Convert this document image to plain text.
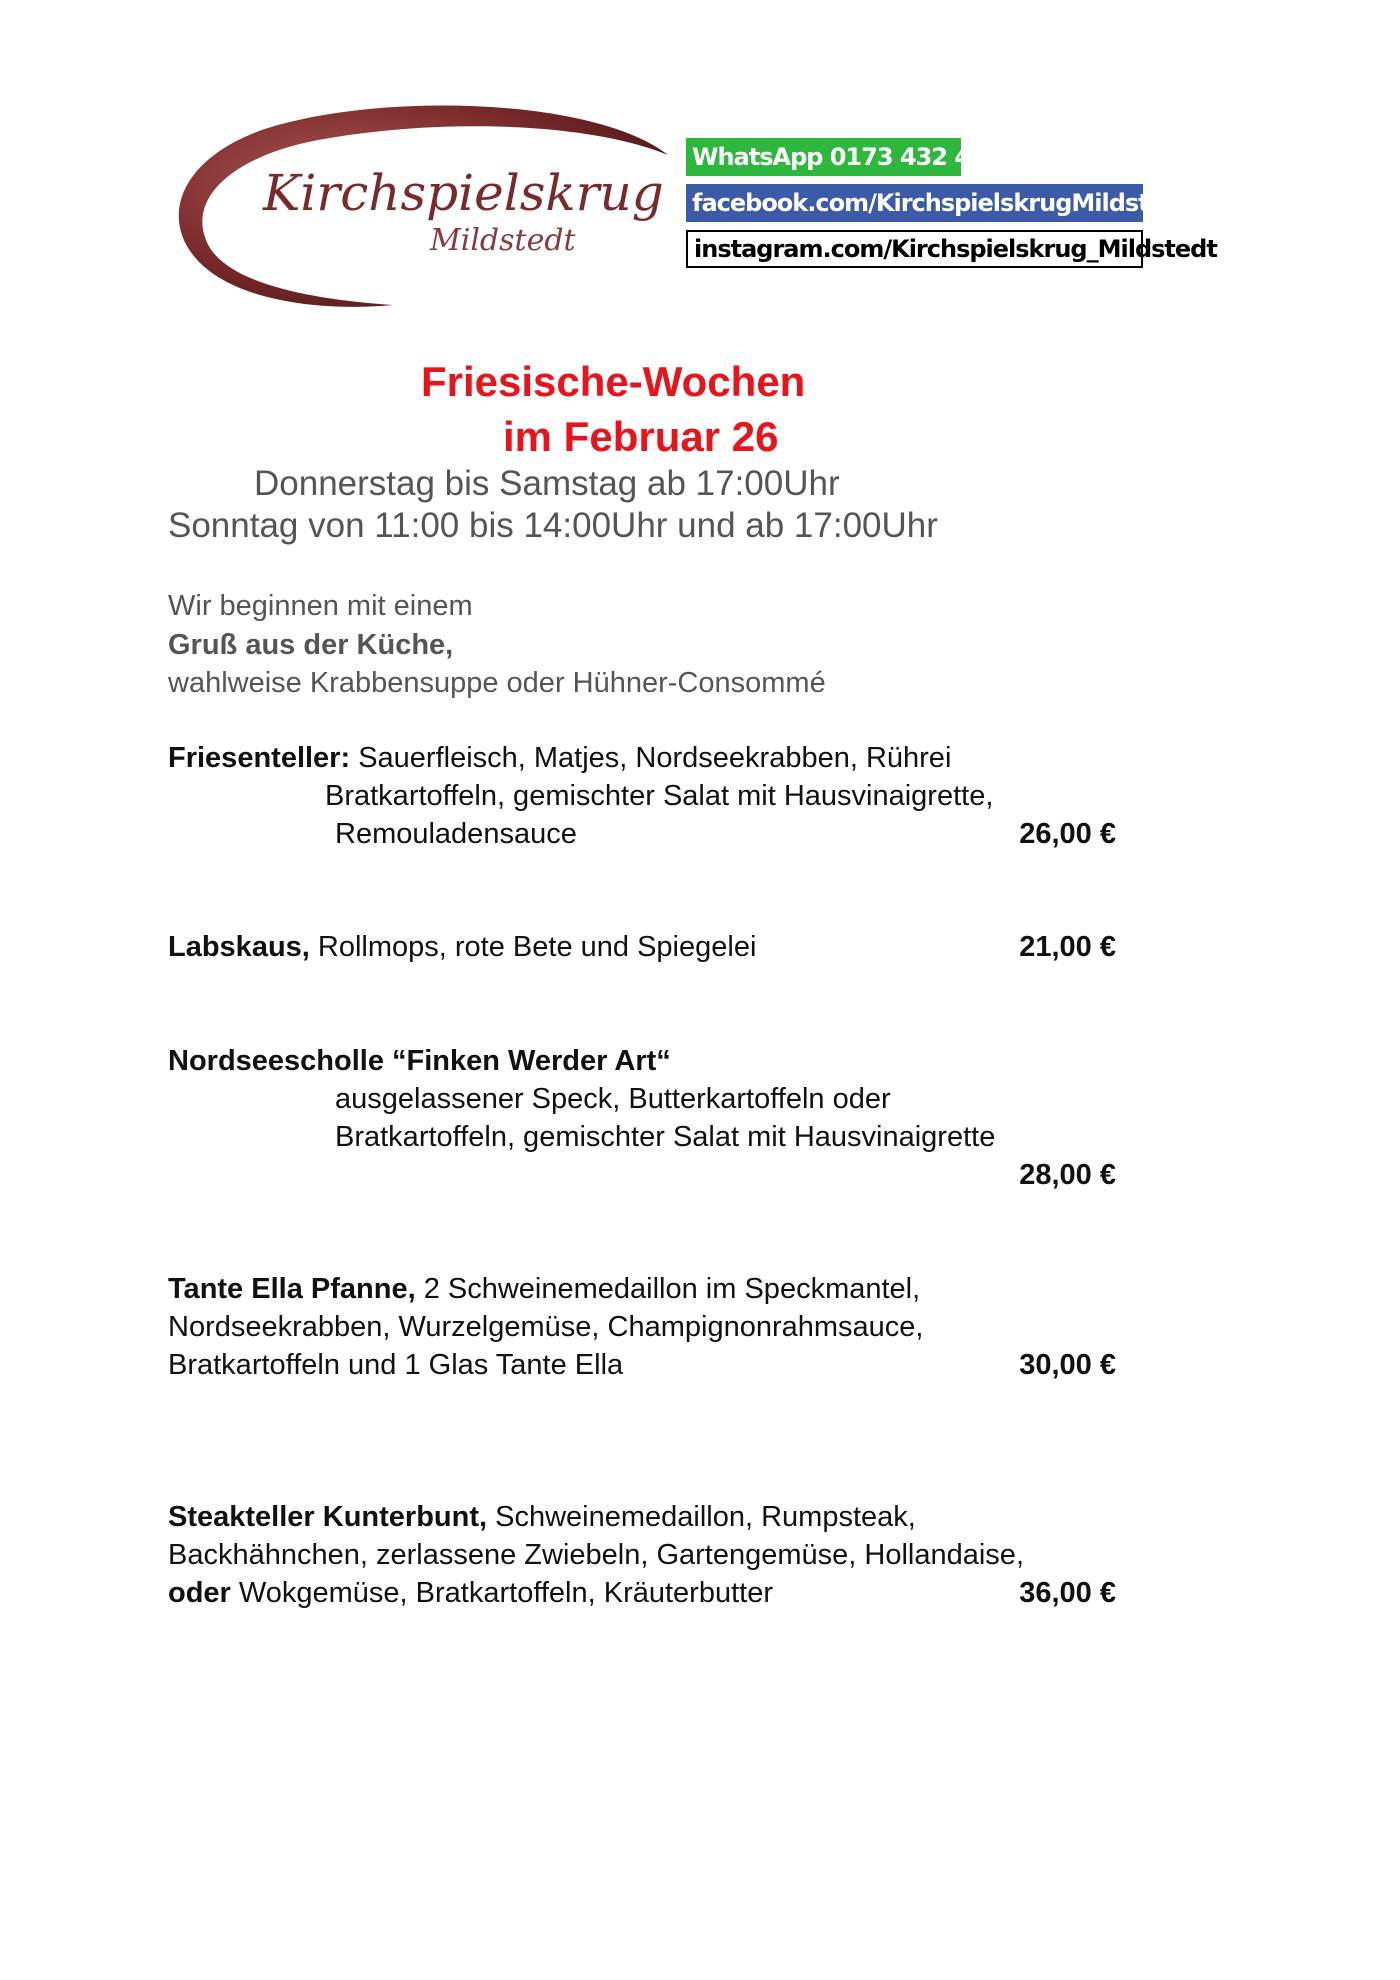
Kirchspielskrug
Mildstedt
WhatsApp 0173 432 4975
facebook.com/KirchspielskrugMildstedt
instagram.com/Kirchspielskrug_Mildstedt
Friesische-Wochen
im Februar 26
Donnerstag bis Samstag ab 17:00Uhr
Sonntag von 11:00 bis 14:00Uhr und ab 17:00Uhr
Wir beginnen mit einem
Gruß aus der Küche,
wahlweise Krabbensuppe oder Hühner-Consommé
Friesenteller: Sauerfleisch, Matjes, Nordseekrabben, Rührei
Bratkartoffeln, gemischter Salat mit Hausvinaigrette,
Remouladensauce	26,00 €
Labskaus, Rollmops, rote Bete und Spiegelei	21,00 €
Nordseescholle “Finken Werder Art“
ausgelassener Speck, Butterkartoffeln oder
Bratkartoffeln, gemischter Salat mit Hausvinaigrette
28,00 €
Tante Ella Pfanne, 2 Schweinemedaillon im Speckmantel,
Nordseekrabben, Wurzelgemüse, Champignonrahmsauce,
Bratkartoffeln und 1 Glas Tante Ella	30,00 €
Steakteller Kunterbunt, Schweinemedaillon, Rumpsteak,
Backhähnchen, zerlassene Zwiebeln, Gartengemüse, Hollandaise,
oder Wokgemüse, Bratkartoffeln, Kräuterbutter	36,00 €
